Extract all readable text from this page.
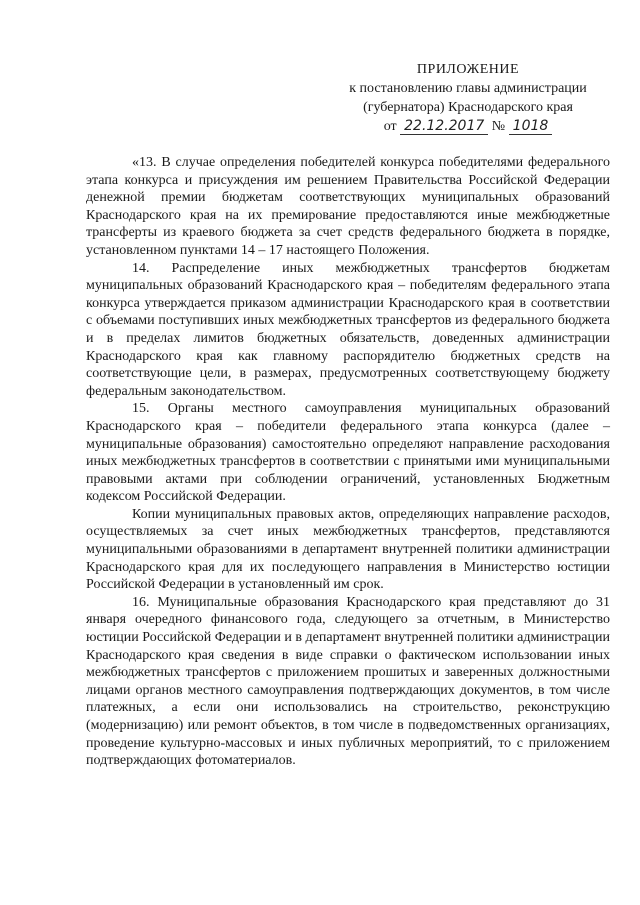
ПРИЛОЖЕНИЕ
к постановлению главы администрации
(губернатора) Краснодарского края
от 22.12.2017 № 1018

«13. В случае определения победителей конкурса победителями федерального этапа конкурса и присуждения им решением Правительства Российской Федерации денежной премии бюджетам соответствующих муниципальных образований Краснодарского края на их премирование предоставляются иные межбюджетные трансферты из краевого бюджета за счет средств федерального бюджета в порядке, установленном пунктами 14 – 17 настоящего Положения.

14. Распределение иных межбюджетных трансфертов бюджетам муниципальных образований Краснодарского края – победителям федерального этапа конкурса утверждается приказом администрации Краснодарского края в соответствии с объемами поступивших иных межбюджетных трансфертов из федерального бюджета и в пределах лимитов бюджетных обязательств, доведенных администрации Краснодарского края как главному распорядителю бюджетных средств на соответствующие цели, в размерах, предусмотренных соответствующему бюджету федеральным законодательством.

15. Органы местного самоуправления муниципальных образований Краснодарского края – победители федерального этапа конкурса (далее – муниципальные образования) самостоятельно определяют направление расходования иных межбюджетных трансфертов в соответствии с принятыми ими муниципальными правовыми актами при соблюдении ограничений, установленных Бюджетным кодексом Российской Федерации.

Копии муниципальных правовых актов, определяющих направление расходов, осуществляемых за счет иных межбюджетных трансфертов, представляются муниципальными образованиями в департамент внутренней политики администрации Краснодарского края для их последующего направления в Министерство юстиции Российской Федерации в установленный им срок.

16. Муниципальные образования Краснодарского края представляют до 31 января очередного финансового года, следующего за отчетным, в Министерство юстиции Российской Федерации и в департамент внутренней политики администрации Краснодарского края сведения в виде справки о фактическом использовании иных межбюджетных трансфертов с приложением прошитых и заверенных должностными лицами органов местного самоуправления подтверждающих документов, в том числе платежных, а если они использовались на строительство, реконструкцию (модернизацию) или ремонт объектов, в том числе в подведомственных организациях, проведение культурно-массовых и иных публичных мероприятий, то с приложением подтверждающих фотоматериалов.
